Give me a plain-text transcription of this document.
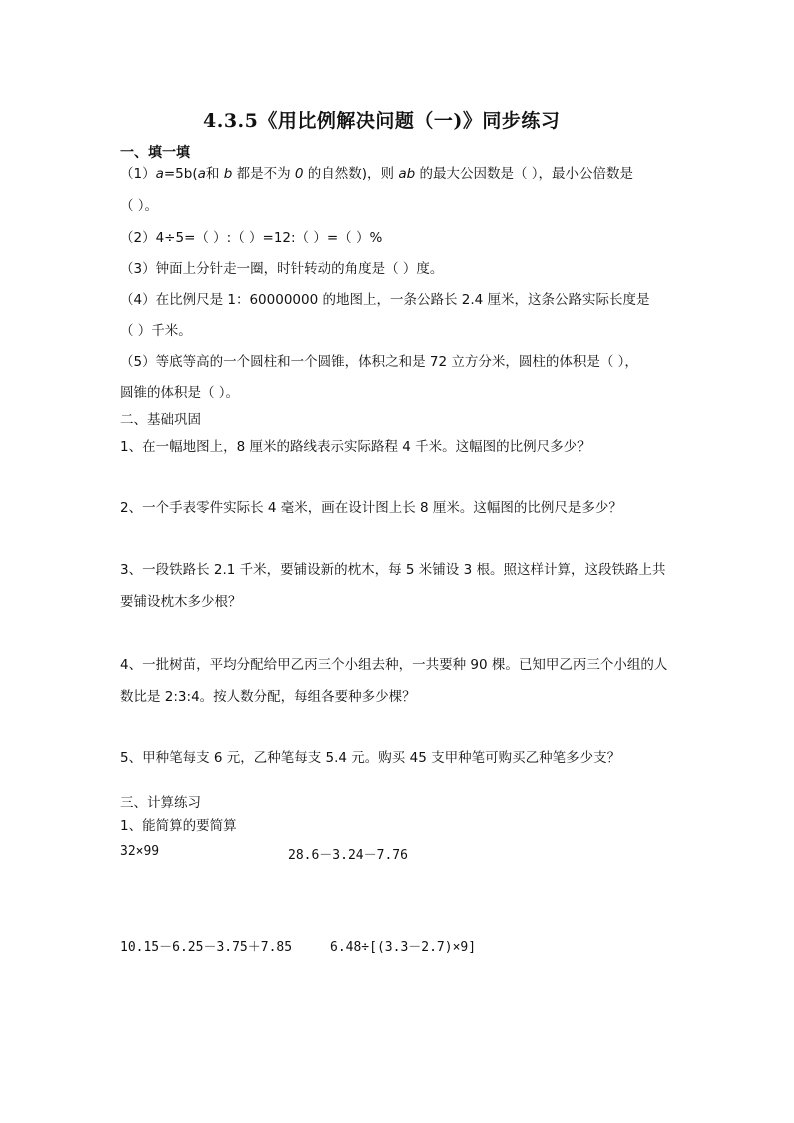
4.3.5《用比例解决问题（一)》同步练习
一、填一填
（1）a=5b(a和 b 都是不为 0 的自然数)，则 ab 的最大公因数是（ ），最小公倍数是
（ ）。
（2）4÷5=（ ）:（ ）=12:（ ）=（ ）%
（3）钟面上分针走一圈，时针转动的角度是（ ）度。
（4）在比例尺是 1：60000000 的地图上，一条公路长 2.4 厘米，这条公路实际长度是
（ ）千米。
（5）等底等高的一个圆柱和一个圆锥，体积之和是 72 立方分米，圆柱的体积是（ ），
圆锥的体积是（ ）。
二、基础巩固
1、在一幅地图上，8 厘米的路线表示实际路程 4 千米。这幅图的比例尺多少？
2、一个手表零件实际长 4 毫米，画在设计图上长 8 厘米。这幅图的比例尺是多少？
3、一段铁路长 2.1 千米，要铺设新的枕木，每 5 米铺设 3 根。照这样计算，这段铁路上共
要铺设枕木多少根？
4、一批树苗，平均分配给甲乙丙三个小组去种，一共要种 90 棵。已知甲乙丙三个小组的人
数比是 2:3:4。按人数分配，每组各要种多少棵？
5、甲种笔每支 6 元，乙种笔每支 5.4 元。购买 45 支甲种笔可购买乙种笔多少支？
三、计算练习
1、能简算的要简算
32×99	28.6－3.24－7.76
10.15－6.25－3.75＋7.85	6.48÷[(3.3－2.7)×9]
